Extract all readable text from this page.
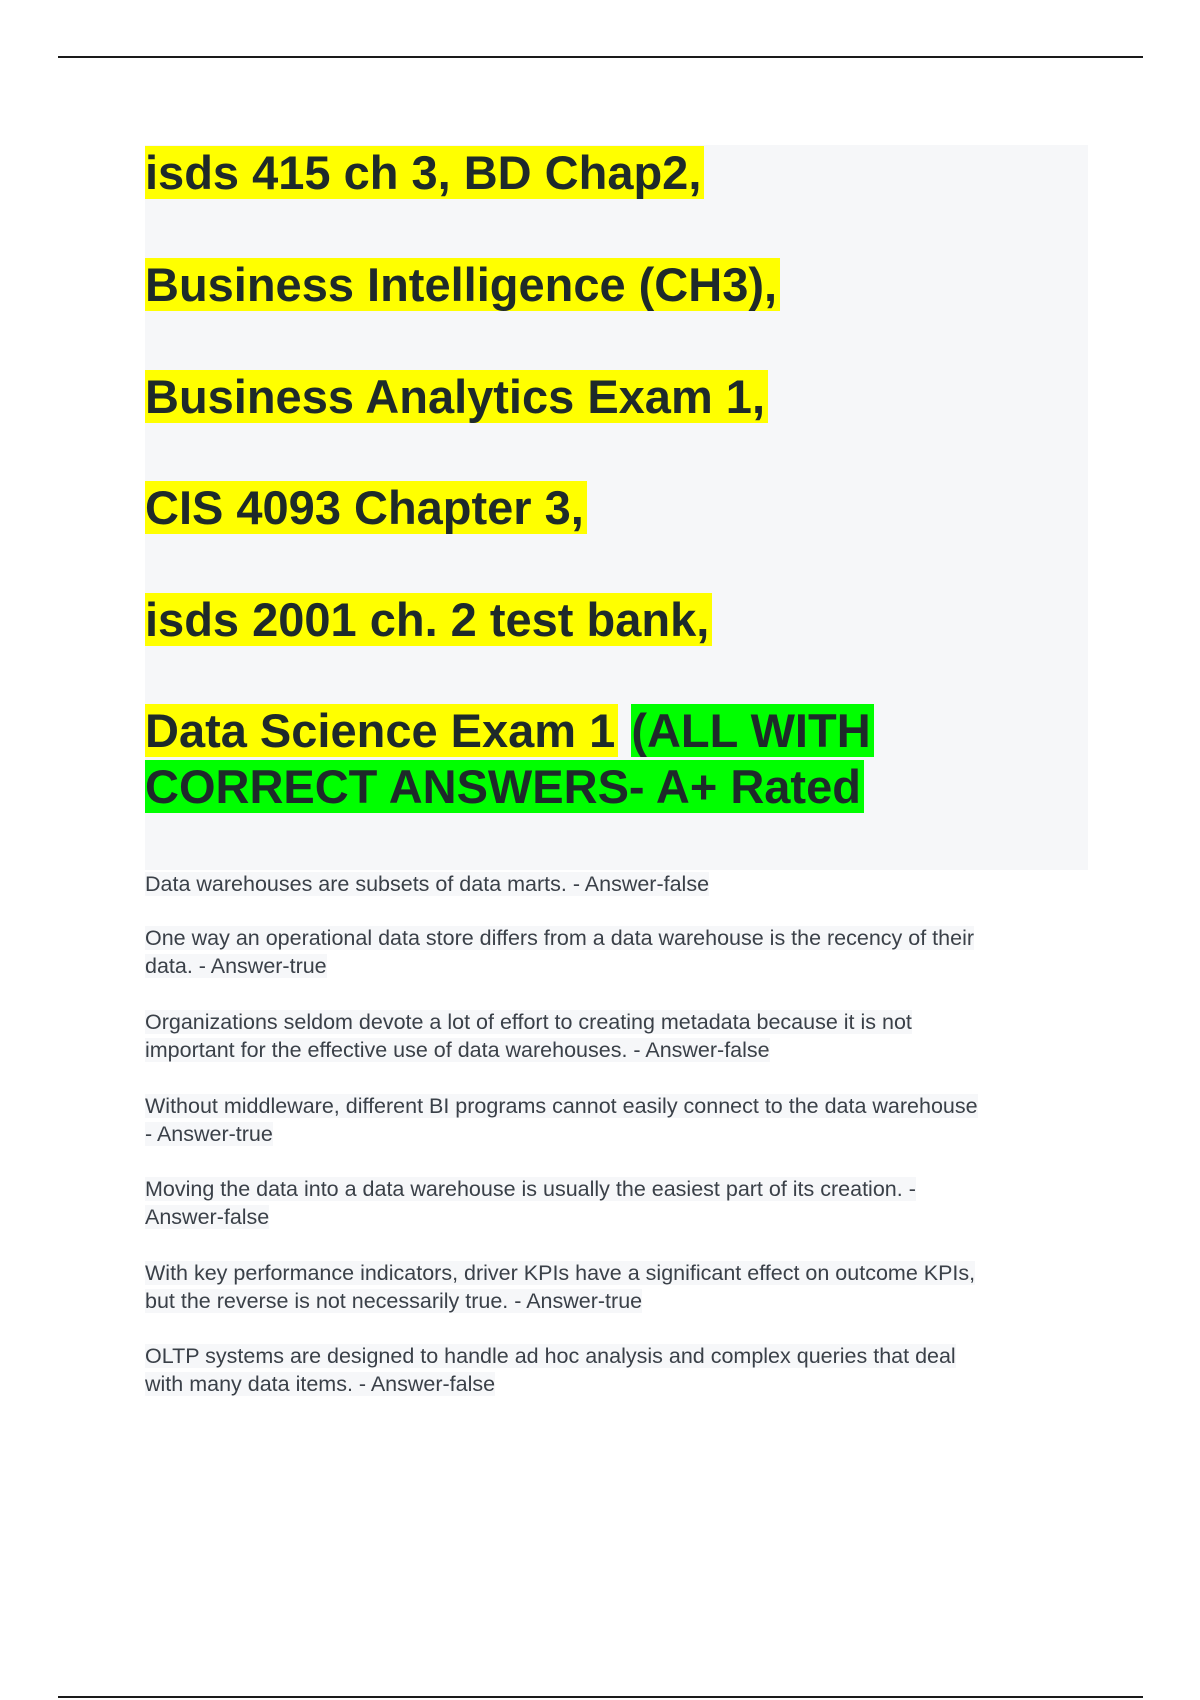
isds 415 ch 3, BD Chap2,
Business Intelligence (CH3),
Business Analytics Exam 1,
CIS 4093 Chapter 3,
isds 2001 ch. 2 test bank,
Data Science Exam 1 (ALL WITH
CORRECT ANSWERS- A+ Rated
Data warehouses are subsets of data marts. - Answer-false
One way an operational data store differs from a data warehouse is the recency of their
data. - Answer-true
Organizations seldom devote a lot of effort to creating metadata because it is not
important for the effective use of data warehouses. - Answer-false
Without middleware, different BI programs cannot easily connect to the data warehouse
- Answer-true
Moving the data into a data warehouse is usually the easiest part of its creation. -
Answer-false
With key performance indicators, driver KPIs have a significant effect on outcome KPIs,
but the reverse is not necessarily true. - Answer-true
OLTP systems are designed to handle ad hoc analysis and complex queries that deal
with many data items. - Answer-false
